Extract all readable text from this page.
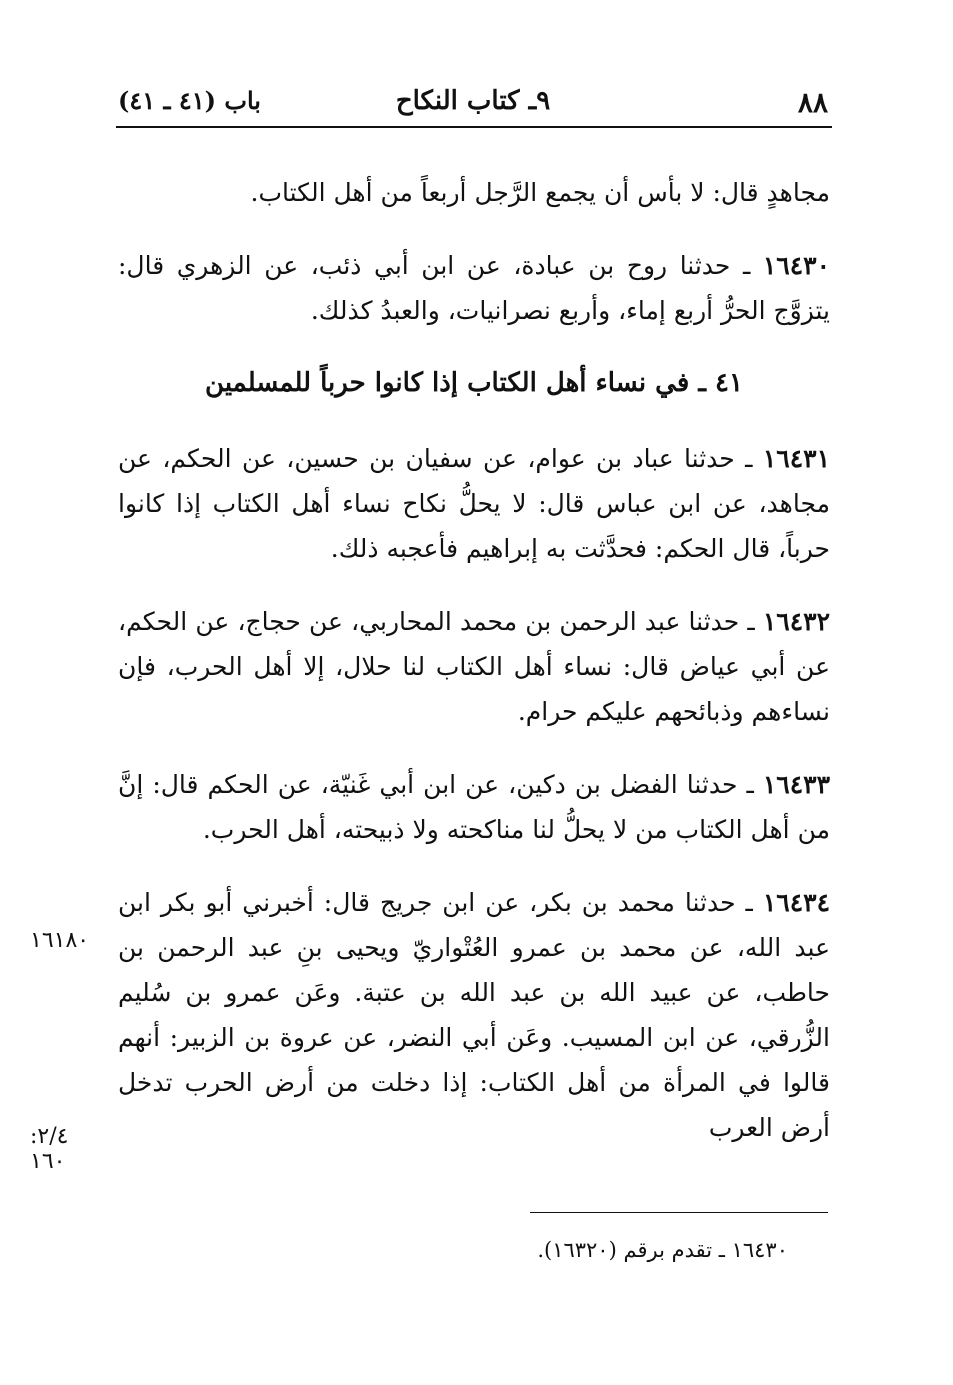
٨٨
٩ـ كتاب النكاح
باب (٤١ ـ ٤١)

مجاهدٍ قال: لا بأس أن يجمع الرَّجل أربعاً من أهل الكتاب.

١٦٤٣٠ ـ حدثنا روح بن عبادة، عن ابن أبي ذئب، عن الزهري قال: يتزوَّج الحرُّ أربع إماء، وأربع نصرانيات، والعبدُ كذلك.

٤١ ـ في نساء أهل الكتاب إذا كانوا حرباً للمسلمين

١٦٤٣١ ـ حدثنا عباد بن عوام، عن سفيان بن حسين، عن الحكم، عن مجاهد، عن ابن عباس قال: لا يحلُّ نكاح نساء أهل الكتاب إذا كانوا حرباً، قال الحكم: فحدَّثت به إبراهيم فأعجبه ذلك.

١٦٤٣٢ ـ حدثنا عبد الرحمن بن محمد المحاربي، عن حجاج، عن الحكم، عن أبي عياض قال: نساء أهل الكتاب لنا حلال، إلا أهل الحرب، فإن نساءهم وذبائحهم عليكم حرام.

١٦٤٣٣ ـ حدثنا الفضل بن دكين، عن ابن أبي غَنيّة، عن الحكم قال: إنَّ من أهل الكتاب من لا يحلُّ لنا مناكحته ولا ذبيحته، أهل الحرب.

١٦٤٣٤ ـ حدثنا محمد بن بكر، عن ابن جريج قال: أخبرني أبو بكر ابن عبد الله، عن محمد بن عمرو العُتْواريّ ويحيى بنِ عبد الرحمن بن حاطب، عن عبيد الله بن عبد الله بن عتبة. وعَن عمرو بن سُليم الزُّرقي، عن ابن المسيب. وعَن أبي النضر، عن عروة بن الزبير: أنهم قالوا في المرأة من أهل الكتاب: إذا دخلت من أرض الحرب تدخل أرض العرب

١٦١٨٠
٢/٤: ١٦٠
١٦٤٣٠ ـ تقدم برقم (١٦٣٢٠).
